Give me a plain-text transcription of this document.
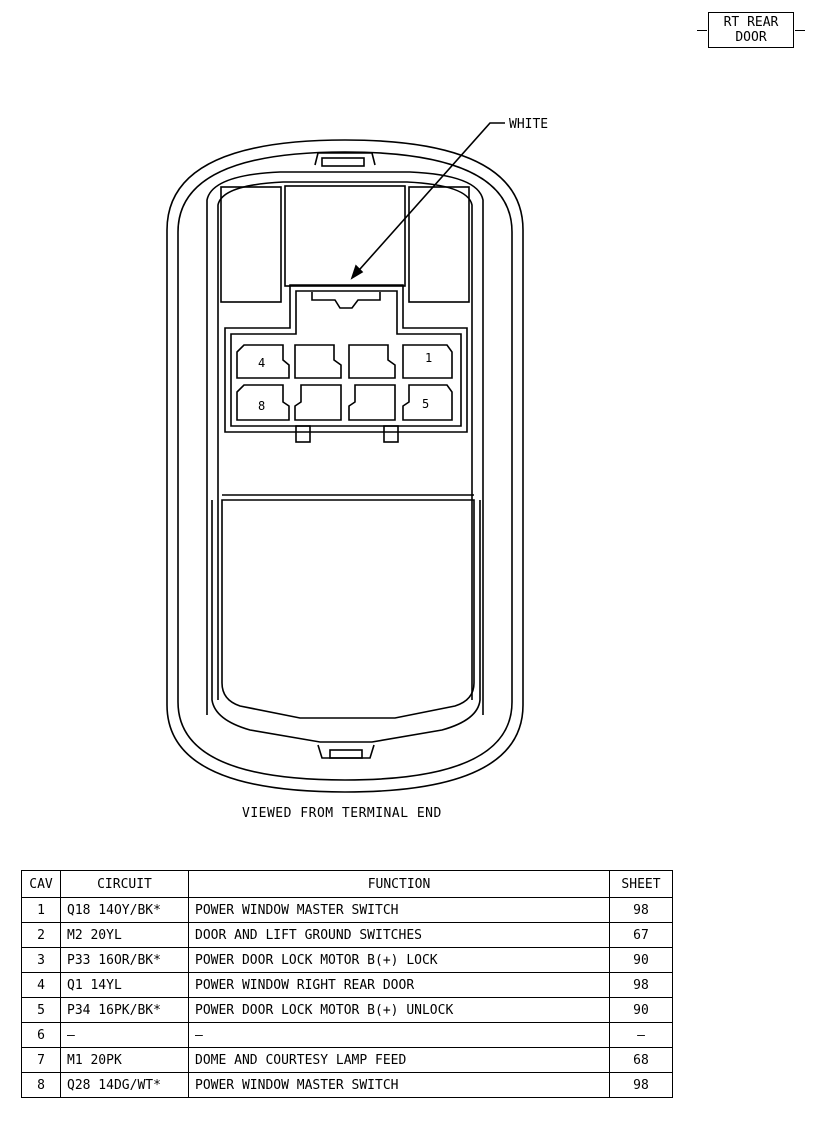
RT REAR
DOOR
WHITE
4	1
8	5
VIEWED FROM TERMINAL END
CAV	CIRCUIT	FUNCTION	SHEET
1	Q18 14OY/BK*	POWER WINDOW MASTER SWITCH	98
2	M2 20YL	DOOR AND LIFT GROUND SWITCHES	67
3	P33 16OR/BK*	POWER DOOR LOCK MOTOR B(+) LOCK	90
4	Q1 14YL	POWER WINDOW RIGHT REAR DOOR	98
5	P34 16PK/BK*	POWER DOOR LOCK MOTOR B(+) UNLOCK	90
6	—	—	—
7	M1 20PK	DOME AND COURTESY LAMP FEED	68
8	Q28 14DG/WT*	POWER WINDOW MASTER SWITCH	98
